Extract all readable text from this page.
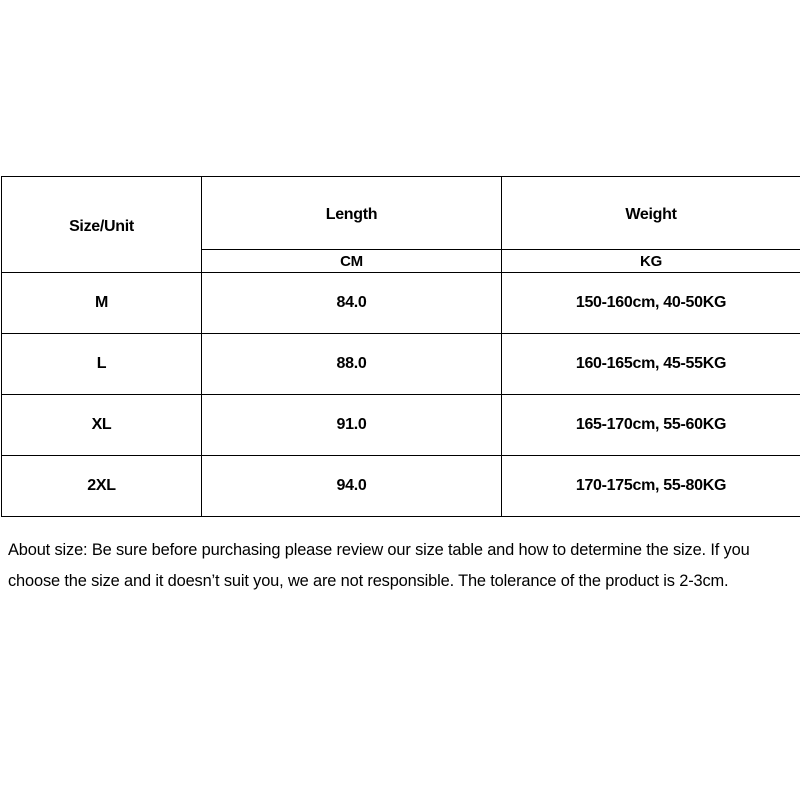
Size/Unit	Length	Weight
	CM	KG
M	84.0	150-160cm, 40-50KG
L	88.0	160-165cm, 45-55KG
XL	91.0	165-170cm, 55-60KG
2XL	94.0	170-175cm, 55-80KG

About size: Be sure before purchasing please review our size table and how to determine the size. If you choose the size and it doesn’t suit you, we are not responsible. The tolerance of the product is 2-3cm.
